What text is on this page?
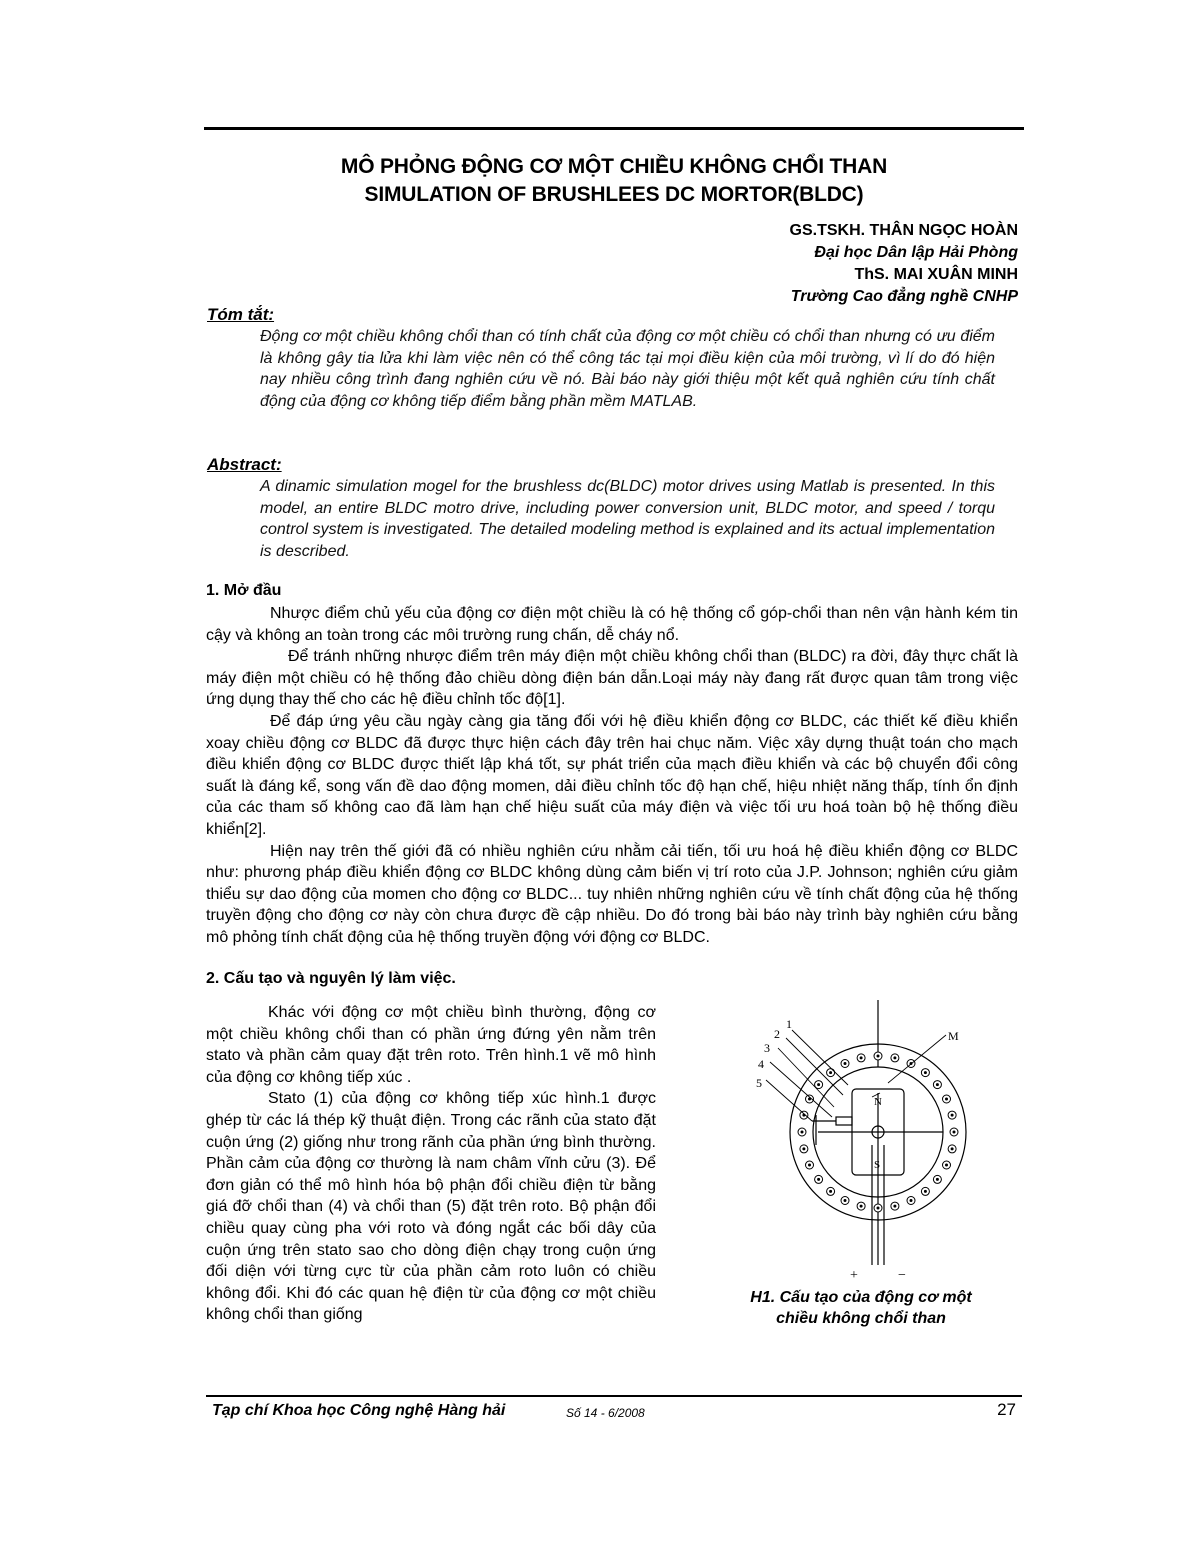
MÔ PHỎNG ĐỘNG CƠ MỘT CHIỀU KHÔNG CHỔI THAN
SIMULATION OF BRUSHLEES DC MORTOR(BLDC)
GS.TSKH. THÂN NGỌC HOÀN
Đại học Dân lập Hải Phòng
ThS. MAI XUÂN MINH
Trường Cao đẳng nghề CNHP
Tóm tắt:
Động cơ một chiều không chổi than có tính chất của động cơ một chiều có chổi than nhưng có ưu điểm là không gây tia lửa khi làm việc nên có thể công tác tại mọi điều kiện của môi trường, vì lí do đó hiện nay nhiều công trình đang nghiên cứu về nó. Bài báo này giới thiệu một kết quả nghiên cứu tính chất động của động cơ không tiếp điểm bằng phần mềm MATLAB.
Abstract:
A dinamic simulation mogel for the brushless dc(BLDC) motor drives using Matlab is presented. In this model, an entire BLDC motro drive, including power conversion unit, BLDC motor, and speed / torqu control system is investigated. The detailed modeling method is explained and its actual implementation is described.
1. Mở đầu

Nhược điểm chủ yếu của động cơ điện một chiều là có hệ thống cổ góp-chổi than nên vận hành kém tin cậy và không an toàn trong các môi trường rung chấn, dễ cháy nổ.

Để tránh những nhược điểm trên máy điện một chiều không chổi than (BLDC) ra đời, đây thực chất là máy điện một chiều có hệ thống đảo chiều dòng điện bán dẫn.Loại máy này đang rất được quan tâm trong việc ứng dụng thay thế cho các hệ điều chỉnh tốc độ[1].

Để đáp ứng yêu cầu ngày càng gia tăng đối với hệ điều khiển động cơ BLDC, các thiết kế điều khiển xoay chiều động cơ BLDC đã được thực hiện cách đây trên hai chục năm. Việc xây dựng thuật toán cho mạch điều khiển động cơ BLDC được thiết lập khá tốt, sự phát triển của mạch điều khiển và các bộ chuyển đổi công suất là đáng kể, song vấn đề dao động momen, dải điều chỉnh tốc độ hạn chế, hiệu nhiệt năng thấp, tính ổn định của các tham số không cao đã làm hạn chế hiệu suất của máy điện và việc tối ưu hoá toàn bộ hệ thống điều khiển[2].

Hiện nay trên thế giới đã có nhiều nghiên cứu nhằm cải tiến, tối ưu hoá hệ điều khiển động cơ BLDC như: phương pháp điều khiển động cơ BLDC không dùng cảm biến vị trí roto của J.P. Johnson; nghiên cứu giảm thiểu sự dao động của momen cho động cơ BLDC... tuy nhiên những nghiên cứu về tính chất động của hệ thống truyền động cho động cơ này còn chưa được đề cập nhiều. Do đó trong bài báo này trình bày nghiên cứu bằng mô phỏng tính chất động của hệ thống truyền động với động cơ BLDC.

2. Cấu tạo và nguyên lý làm việc.

Khác với động cơ một chiều bình thường, động cơ một chiều không chổi than có phần ứng đứng yên nằm trên stato và phần cảm quay đặt trên roto. Trên hình.1 vẽ mô hình của động cơ không tiếp xúc .

Stato (1) của động cơ không tiếp xúc hình.1 được ghép từ các lá thép kỹ thuật điện. Trong các rãnh của stato đặt cuộn ứng (2) giống như trong rãnh của phần ứng bình thường. Phần cảm của động cơ thường là nam châm vĩnh cửu (3). Để đơn giản có thể mô hình hóa bộ phận đổi chiều điện từ bằng giá đỡ chổi than (4) và chổi than (5) đặt trên roto. Bộ phận đổi chiều quay cùng pha với roto và đóng ngắt các bối dây của cuộn ứng trên stato sao cho dòng điện chạy trong cuộn ứng đối diện với từng cực từ của phần cảm roto luôn có chiều không đổi. Khi đó các quan hệ điện từ của động cơ một chiều không chổi than giống

1
2
3
4
5
M
N
S
+	−
H1. Cấu tạo của động cơ một
chiều không chổi than
Tạp chí Khoa học Công nghệ Hàng hải	Số 14 - 6/2008	27
